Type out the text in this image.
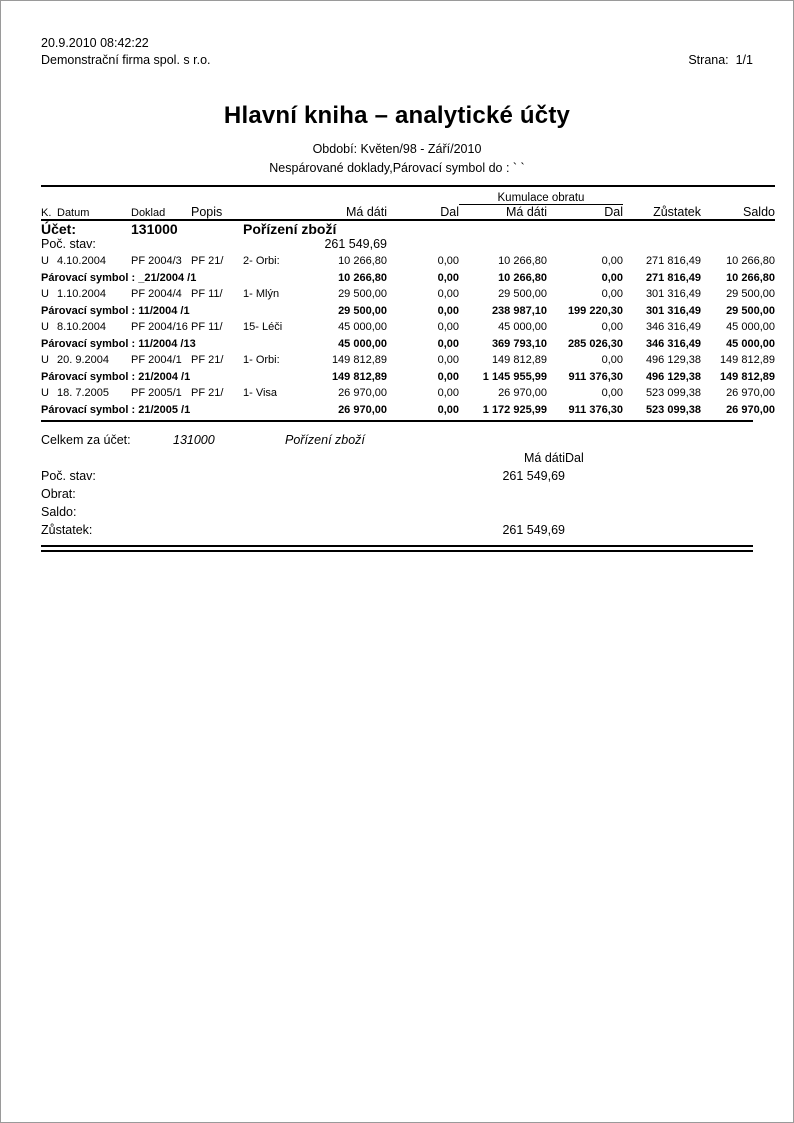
20.9.2010 08:42:22
Demonstrační firma spol. s r.o.	Strana: 1/1

Hlavní kniha – analytické účty
Období: Květen/98 - Září/2010
Nespárované doklady,Párovací symbol do : ` `

							Kumulace obratu			
K.	Datum	Doklad	Popis		Má dáti	Dal	Má dáti	Dal	Zůstatek	Saldo
Účet:		131000		Pořízení zboží						
Poč. stav:				261 549,69						
U	4.10.2004	PF 2004/3	PF 21/	2- Orbi:	10 266,80	0,00	10 266,80	0,00	271 816,49	10 266,80
Párovací symbol : _21/2004 /1					10 266,80	0,00	10 266,80	0,00	271 816,49	10 266,80
U	1.10.2004	PF 2004/4	PF 11/	1- Mlýn	29 500,00	0,00	29 500,00	0,00	301 316,49	29 500,00
Párovací symbol : 11/2004 /1					29 500,00	0,00	238 987,10	199 220,30	301 316,49	29 500,00
U	8.10.2004	PF 2004/16	PF 11/	15- Léči	45 000,00	0,00	45 000,00	0,00	346 316,49	45 000,00
Párovací symbol : 11/2004 /13					45 000,00	0,00	369 793,10	285 026,30	346 316,49	45 000,00
U	20. 9.2004	PF 2004/1	PF 21/	1- Orbi:	149 812,89	0,00	149 812,89	0,00	496 129,38	149 812,89
Párovací symbol : 21/2004 /1					149 812,89	0,00	1 145 955,99	911 376,30	496 129,38	149 812,89
U	18. 7.2005	PF 2005/1	PF 21/	1- Visa	26 970,00	0,00	26 970,00	0,00	523 099,38	26 970,00
Párovací symbol : 21/2005 /1					26 970,00	0,00	1 172 925,99	911 376,30	523 099,38	26 970,00
Celkem za účet:	131000	Pořízení zboží			
			Má dáti	Dal	
Poč. stav:			261 549,69		
Obrat:					
Saldo:					
Zůstatek:			261 549,69		
